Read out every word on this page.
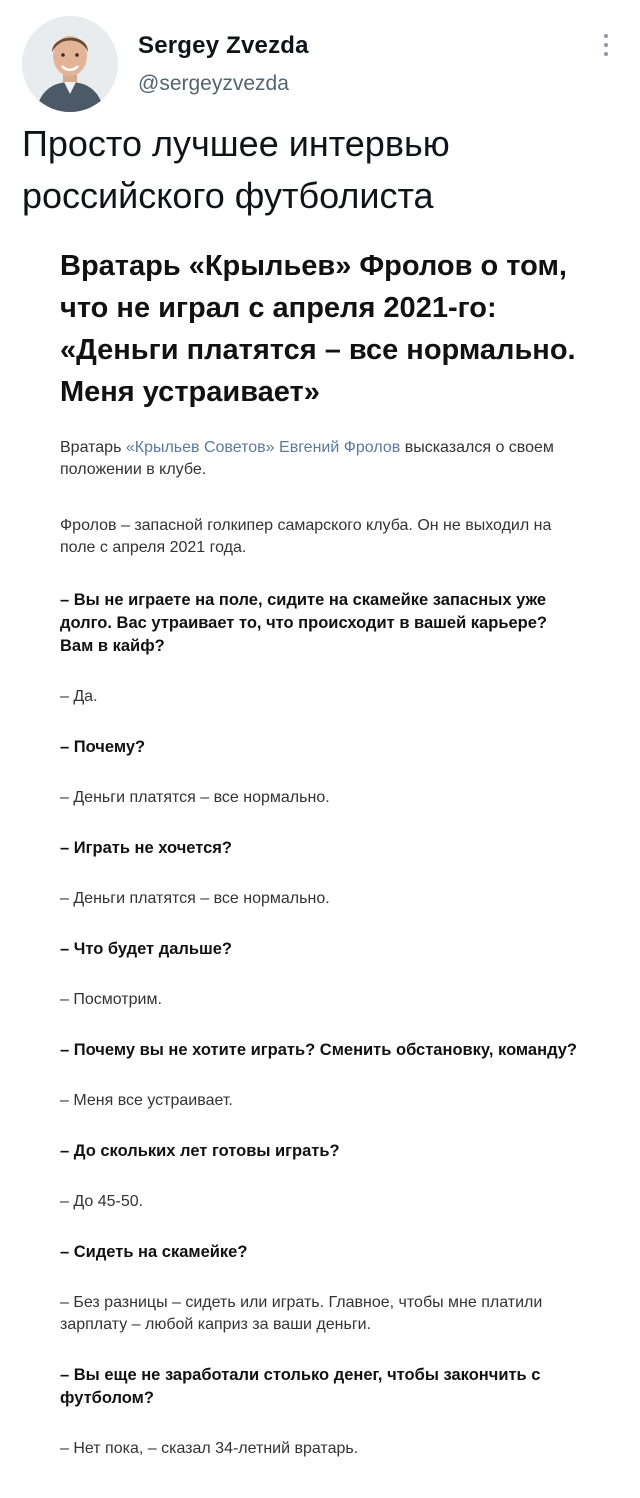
Sergey Zvezda
@sergeyzvezda

Просто лучшее интервью российского футболиста

Вратарь «Крыльев» Фролов о том, что не играл с апреля 2021-го: «Деньги платятся – все нормально. Меня устраивает»

Вратарь «Крыльев Советов» Евгений Фролов высказался о своем положении в клубе.

Фролов – запасной голкипер самарского клуба. Он не выходил на поле с апреля 2021 года.

– Вы не играете на поле, сидите на скамейке запасных уже долго. Вас утраивает то, что происходит в вашей карьере? Вам в кайф?

– Да.

– Почему?

– Деньги платятся – все нормально.

– Играть не хочется?

– Деньги платятся – все нормально.

– Что будет дальше?

– Посмотрим.

– Почему вы не хотите играть? Сменить обстановку, команду?

– Меня все устраивает.

– До скольких лет готовы играть?

– До 45-50.

– Сидеть на скамейке?

– Без разницы – сидеть или играть. Главное, чтобы мне платили зарплату – любой каприз за ваши деньги.

– Вы еще не заработали столько денег, чтобы закончить с футболом?

– Нет пока, – сказал 34-летний вратарь.
